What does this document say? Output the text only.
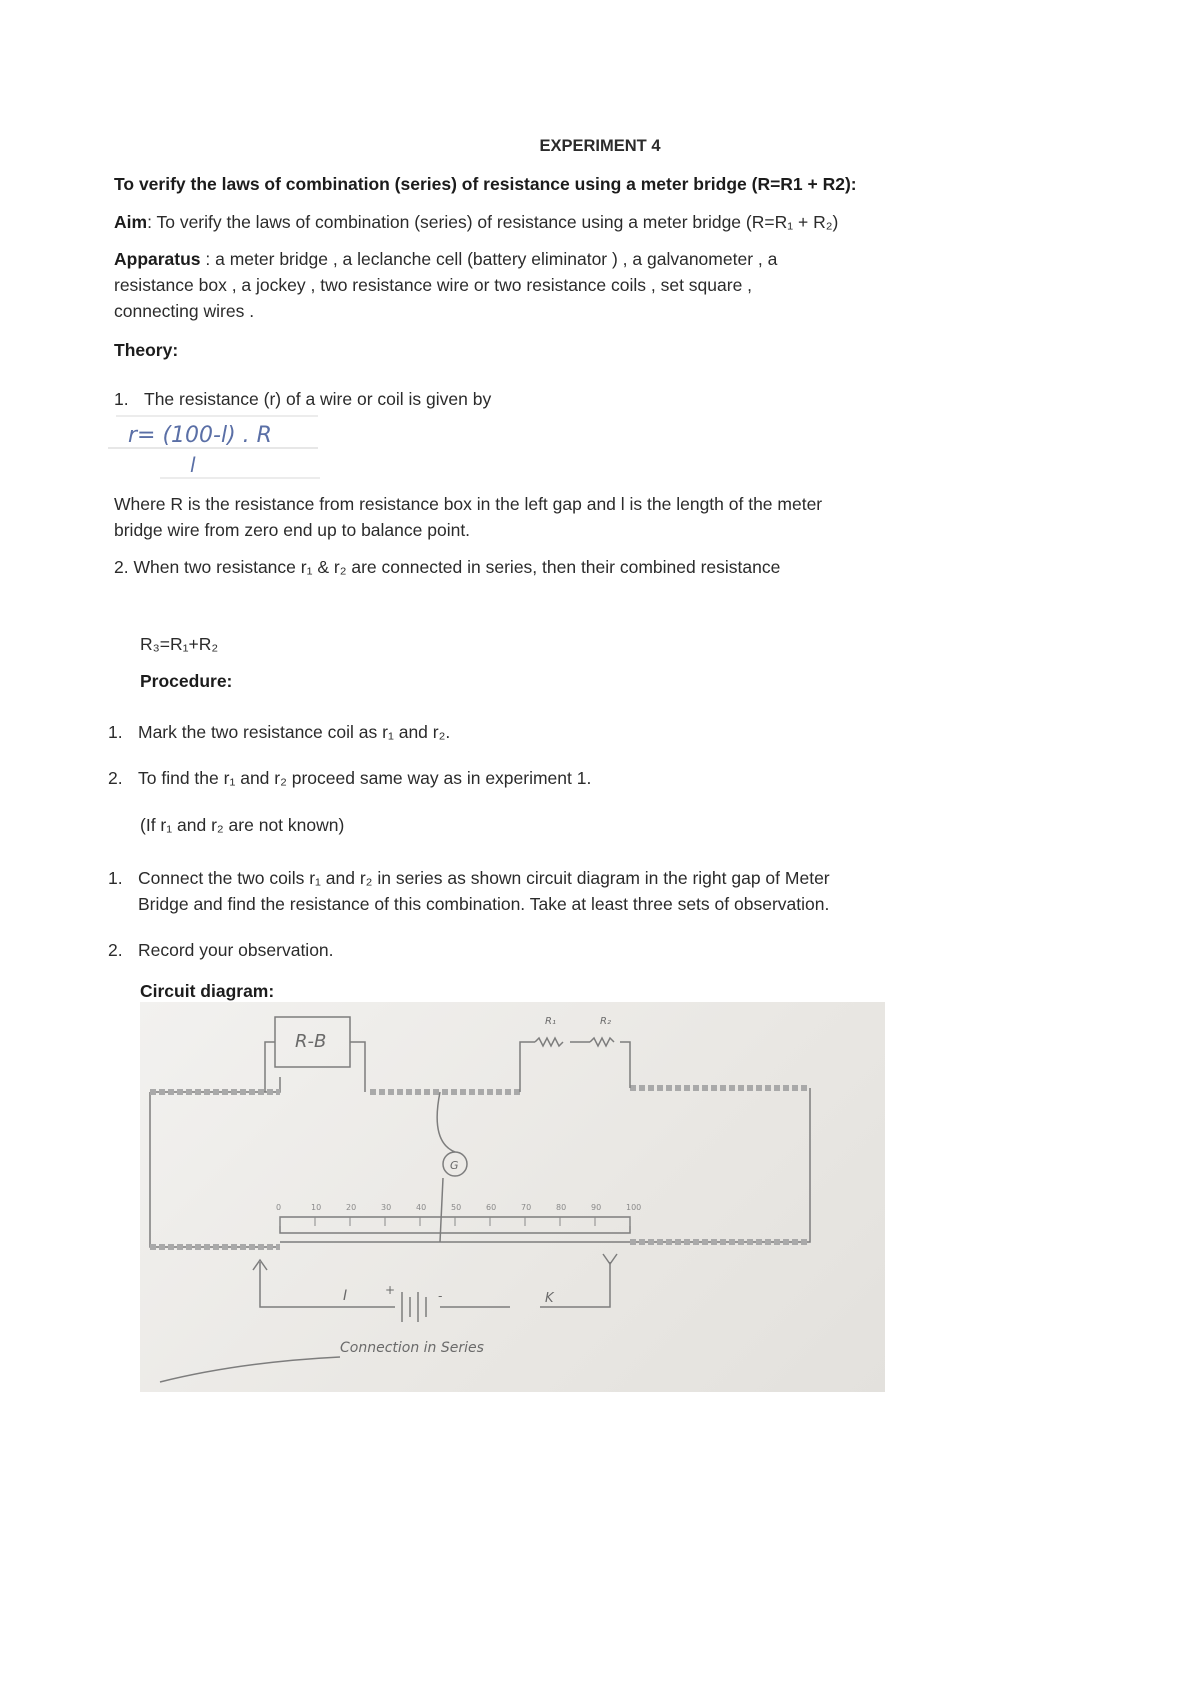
EXPERIMENT 4
To verify the laws of combination (series) of resistance using a meter bridge (R=R1 + R2):
Aim: To verify the laws of combination (series) of resistance using a meter bridge (R=R₁ + R₂)
Apparatus : a meter bridge , a leclanche cell (battery eliminator ) , a galvanometer , a
resistance box , a jockey , two resistance wire or two resistance coils , set square ,
connecting wires .
Theory:
1. The resistance (r) of a wire or coil is given by
r= (100-l) . R
l
Where R is the resistance from resistance box in the left gap and l is the length of the meter
bridge wire from zero end up to balance point.
2. When two resistance r₁ & r₂ are connected in series, then their combined resistance
R₃=R₁+R₂
Procedure:
1. Mark the two resistance coil as r₁ and r₂.
2. To find the r₁ and r₂ proceed same way as in experiment 1.
(If r₁ and r₂ are not known)
1. Connect the two coils r₁ and r₂ in series as shown circuit diagram in the right gap of Meter
Bridge and find the resistance of this combination. Take at least three sets of observation.
2. Record your observation.
Circuit diagram:
R-B
R₁	R₂
G
I	+	-	K
Connection in Series
0	10	20	30	40	50	60	70	80	90	100
